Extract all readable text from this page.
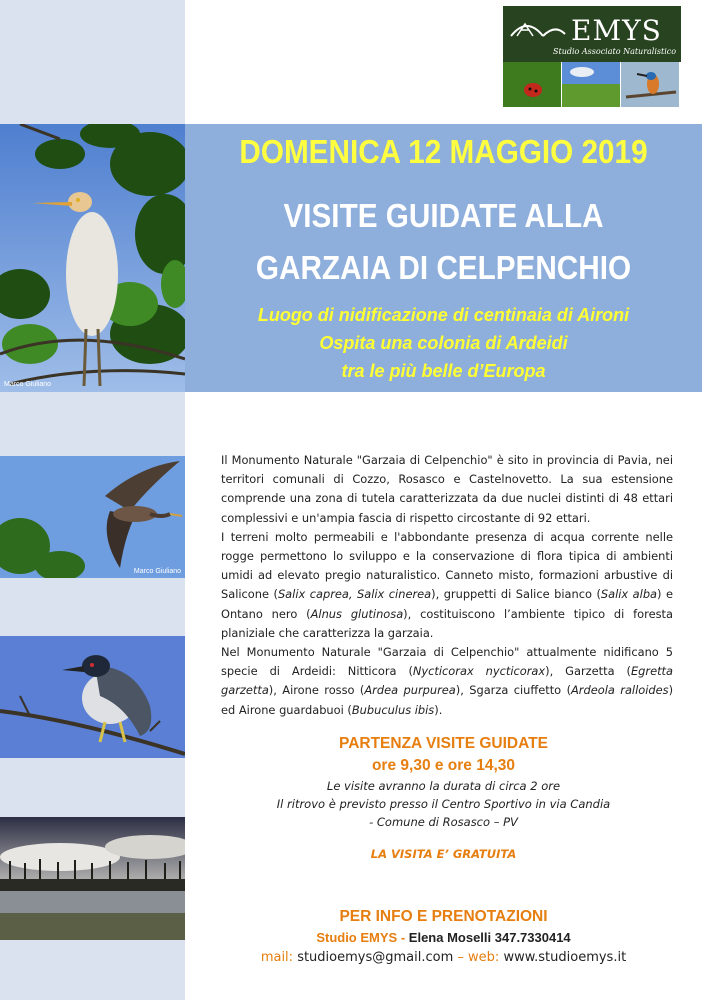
Marco Giuliano
Marco Giuliano
EMYS
Studio Associato Naturalistico
DOMENICA 12 MAGGIO 2019
VISITE GUIDATE ALLA
GARZAIA DI CELPENCHIO
Luogo di nidificazione di centinaia di Aironi
Ospita una colonia di Ardeidi
tra le più belle d’Europa

Il Monumento Naturale "Garzaia di Celpenchio" è sito in provincia di Pavia, nei territori comunali di Cozzo, Rosasco e Castelnovetto. La sua estensione comprende una zona di tutela caratterizzata da due nuclei distinti di 48 ettari complessivi e un'ampia fascia di rispetto circostante di 92 ettari.

I terreni molto permeabili e l'abbondante presenza di acqua corrente nelle rogge permettono lo sviluppo e la conservazione di flora tipica di ambienti umidi ad elevato pregio naturalistico. Canneto misto, formazioni arbustive di Salicone (Salix caprea, Salix cinerea), gruppetti di Salice bianco (Salix alba) e Ontano nero (Alnus glutinosa), costituiscono l’ambiente tipico di foresta planiziale che caratterizza la garzaia.

Nel Monumento Naturale "Garzaia di Celpenchio" attualmente nidificano 5 specie di Ardeidi: Nitticora (Nycticorax nycticorax), Garzetta (Egretta garzetta), Airone rosso (Ardea purpurea), Sgarza ciuffetto (Ardeola ralloides) ed Airone guardabuoi (Bubuculus ibis).

PARTENZA VISITE GUIDATE
ore 9,30 e ore 14,30
Le visite avranno la durata di circa 2 ore
Il ritrovo è previsto presso il Centro Sportivo in via Candia
- Comune di Rosasco – PV
LA VISITA E’ GRATUITA
PER INFO E PRENOTAZIONI
Studio EMYS - Elena Moselli 347.7330414
mail: studioemys@gmail.com – web: www.studioemys.it
